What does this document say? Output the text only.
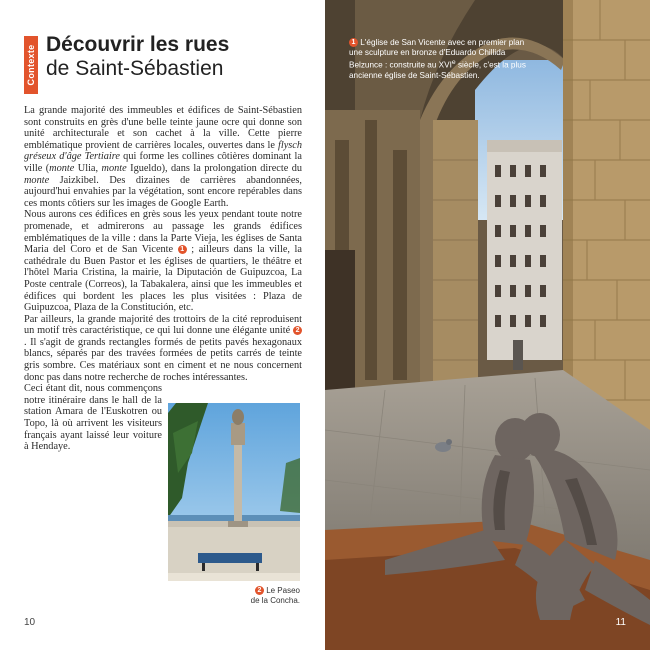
Contexte
Découvrir les rues
de Saint-Sébastien

La grande majorité des immeubles et édifices de Saint-Sébastien sont construits en grès d'une belle teinte jaune ocre qui donne son unité architecturale et son cachet à la ville. Cette pierre emblématique provient de carrières locales, ouvertes dans le flysch gréseux d'âge Tertiaire qui forme les collines côtières dominant la ville (monte Ulia, monte Igueldo), dans la prolongation directe du monte Jaizkibel. Des dizaines de carrières abandonnées, aujourd'hui envahies par la végétation, sont encore repérables dans ces monts côtiers sur les images de Google Earth.

Nous aurons ces édifices en grès sous les yeux pendant toute notre promenade, et admirerons au passage les grands édifices emblématiques de la ville : dans la Parte Vieja, les églises de Santa Maria del Coro et de San Vicente 1 ; ailleurs dans la ville, la cathédrale du Buen Pastor et les églises de quartiers, le théâtre et l'hôtel Maria Cristina, la mairie, la Diputación de Guipuzcoa, La Poste centrale (Correos), la Tabakalera, ainsi que les immeubles et édifices qui bordent les places les plus visitées : Plaza de Guipuzcoa, Plaza de la Constitución, etc.

Par ailleurs, la grande majorité des trottoirs de la cité reproduisent un motif très caractéristique, ce qui lui donne une élégante unité 2. Il s'agit de grands rectangles formés de petits pavés hexagonaux blancs, séparés par des travées formées de petits carrés de teinte gris sombre. Ces matériaux sont en ciment et ne nous concernent donc pas dans notre recherche de roches intéressantes.

Ceci étant dit, nous commençons notre itinéraire dans le hall de la station Amara de l'Euskotren ou Topo, là où arrivent les visiteurs français ayant laissé leur voiture à Hendaye.

2 Le Paseo
de la Concha.
10
1 L'église de San Vicente avec en premier plan une sculpture en bronze d'Eduardo Chillida Belzunce : construite au XVIe siècle, c'est la plus ancienne église de Saint-Sébastien.
11
